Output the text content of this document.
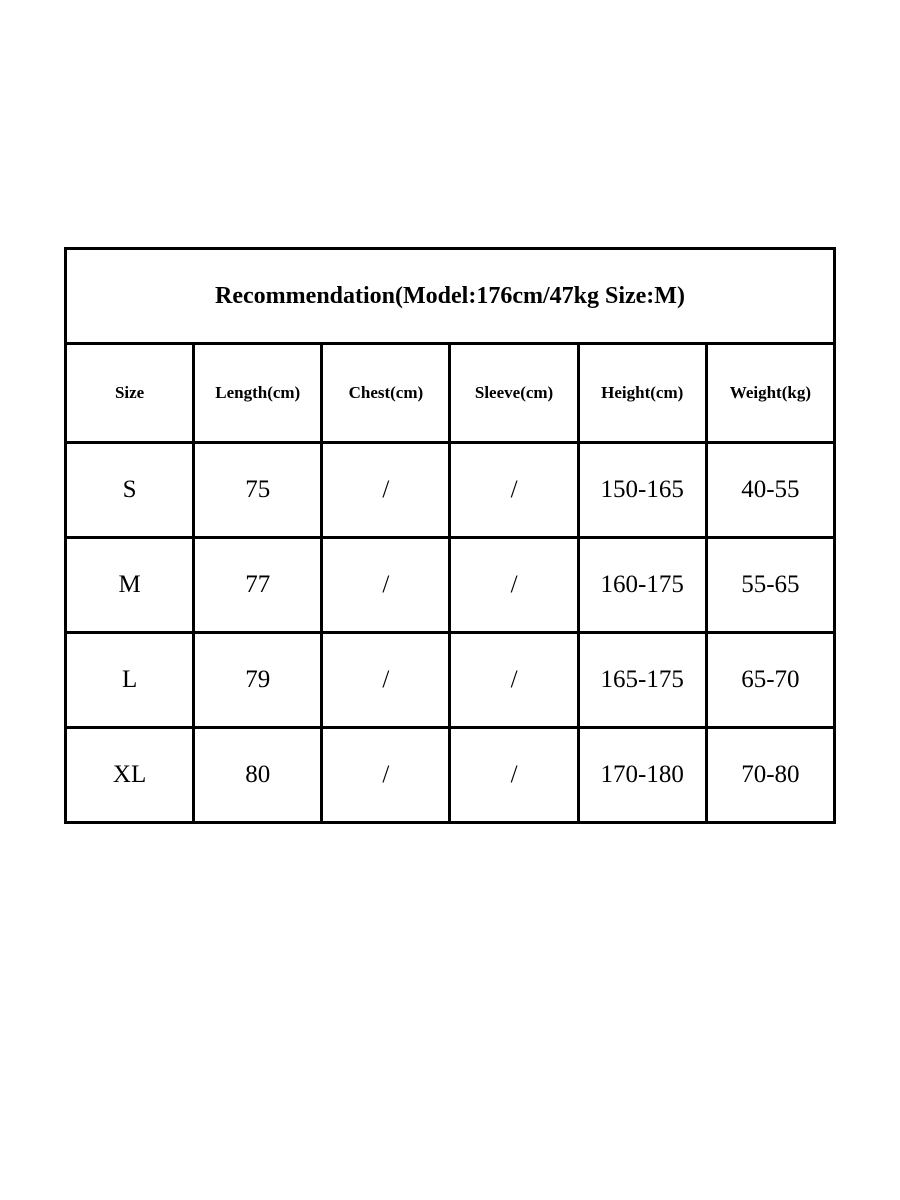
Recommendation(Model:176cm/47kg Size:M)					
Size	Length(cm)	Chest(cm)	Sleeve(cm)	Height(cm)	Weight(kg)
S	75	/	/	150-165	40-55
M	77	/	/	160-175	55-65
L	79	/	/	165-175	65-70
XL	80	/	/	170-180	70-80
